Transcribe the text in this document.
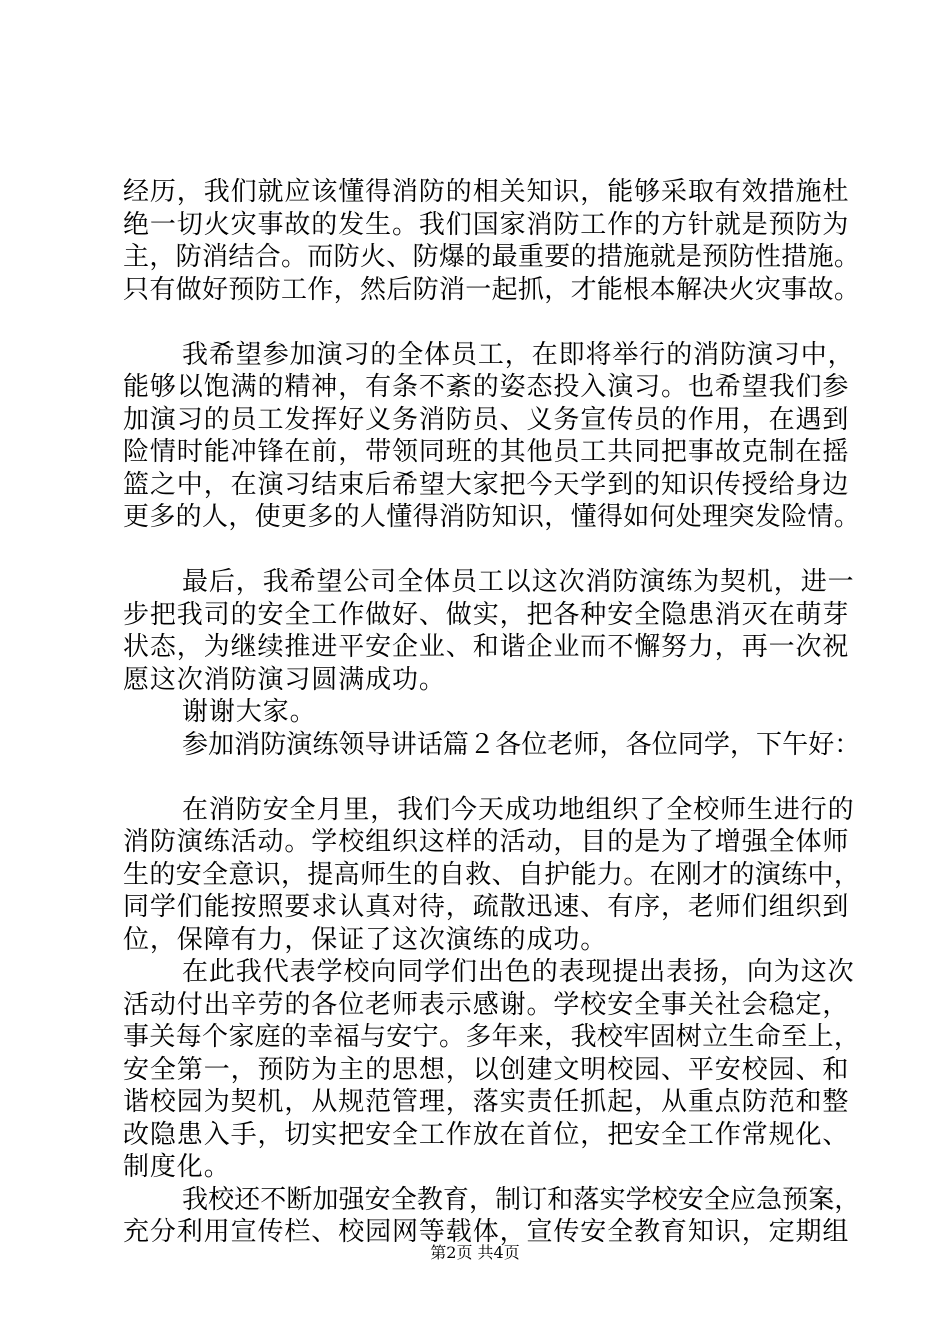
经历，我们就应该懂得消防的相关知识，能够采取有效措施杜
绝一切火灾事故的发生。我们国家消防工作的方针就是预防为
主，防消结合。而防火、防爆的最重要的措施就是预防性措施。
只有做好预防工作，然后防消一起抓，才能根本解决火灾事故。
我希望参加演习的全体员工，在即将举行的消防演习中，
能够以饱满的精神，有条不紊的姿态投入演习。也希望我们参
加演习的员工发挥好义务消防员、义务宣传员的作用，在遇到
险情时能冲锋在前，带领同班的其他员工共同把事故克制在摇
篮之中，在演习结束后希望大家把今天学到的知识传授给身边
更多的人，使更多的人懂得消防知识，懂得如何处理突发险情。
最后，我希望公司全体员工以这次消防演练为契机，进一
步把我司的安全工作做好、做实，把各种安全隐患消灭在萌芽
状态，为继续推进平安企业、和谐企业而不懈努力，再一次祝
愿这次消防演习圆满成功。
谢谢大家。
参加消防演练领导讲话篇２各位老师，各位同学，下午好：
在消防安全月里，我们今天成功地组织了全校师生进行的
消防演练活动。学校组织这样的活动，目的是为了增强全体师
生的安全意识，提高师生的自救、自护能力。在刚才的演练中，
同学们能按照要求认真对待，疏散迅速、有序，老师们组织到
位，保障有力，保证了这次演练的成功。
在此我代表学校向同学们出色的表现提出表扬，向为这次
活动付出辛劳的各位老师表示感谢。学校安全事关社会稳定，
事关每个家庭的幸福与安宁。多年来，我校牢固树立生命至上，
安全第一，预防为主的思想，以创建文明校园、平安校园、和
谐校园为契机，从规范管理，落实责任抓起，从重点防范和整
改隐患入手，切实把安全工作放在首位，把安全工作常规化、
制度化。
我校还不断加强安全教育，制订和落实学校安全应急预案，
充分利用宣传栏、校园网等载体，宣传安全教育知识，定期组
第2页 共4页
